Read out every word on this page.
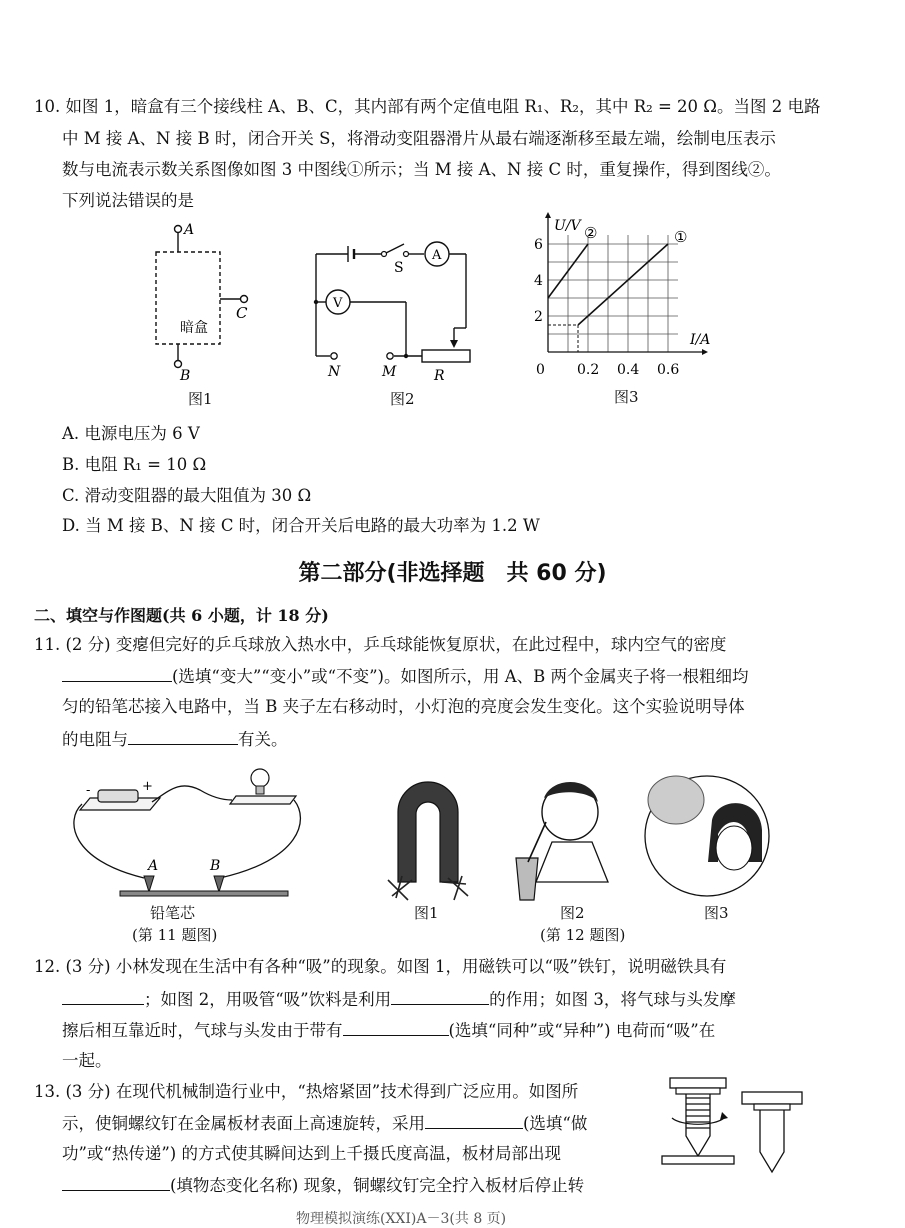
10. 如图 1，暗盒有三个接线柱 A、B、C，其内部有两个定值电阻 R₁、R₂，其中 R₂ = 20 Ω。当图 2 电路
中 M 接 A、N 接 B 时，闭合开关 S，将滑动变阻器滑片从最右端逐渐移至最左端，绘制电压表示
数与电流表示数关系图像如图 3 中图线①所示；当 M 接 A、N 接 C 时，重复操作，得到图线②。
下列说法错误的是
A
C
暗盒
B
图1
S
A
N
V
M	R
图2
U/V
I/A
0
6
4
2
0.2 0.4 0.6
①
②
图3
A. 电源电压为 6 V
B. 电阻 R₁ = 10 Ω
C. 滑动变阻器的最大阻值为 30 Ω
D. 当 M 接 B、N 接 C 时，闭合开关后电路的最大功率为 1.2 W
第二部分(非选择题　共 60 分)
二、填空与作图题(共 6 小题，计 18 分)
11. (2 分) 变瘪但完好的乒乓球放入热水中，乒乓球能恢复原状，在此过程中，球内空气的密度
(选填“变大”“变小”或“不变”)。如图所示，用 A、B 两个金属夹子将一根粗细均
匀的铅笔芯接入电路中，当 B 夹子左右移动时，小灯泡的亮度会发生变化。这个实验说明导体
的电阻与	有关。
+
-
A	B
铅笔芯
(第 11 题图)
图1	图2
(第 12 题图)
图3
12. (3 分) 小林发现在生活中有各种“吸”的现象。如图 1，用磁铁可以“吸”铁钉，说明磁铁具有
；如图 2，用吸管“吸”饮料是利用	的作用；如图 3，将气球与头发摩
擦后相互靠近时，气球与头发由于带有	(选填“同种”或“异种”) 电荷而“吸”在
一起。
13. (3 分) 在现代机械制造行业中，“热熔紧固”技术得到广泛应用。如图所
示，使铜螺纹钉在金属板材表面上高速旋转，采用	(选填“做
功”或“热传递”) 的方式使其瞬间达到上千摄氏度高温，板材局部出现
(填物态变化名称) 现象，铜螺纹钉完全拧入板材后停止转
物理模拟演练(XXI)A－3(共 8 页)
